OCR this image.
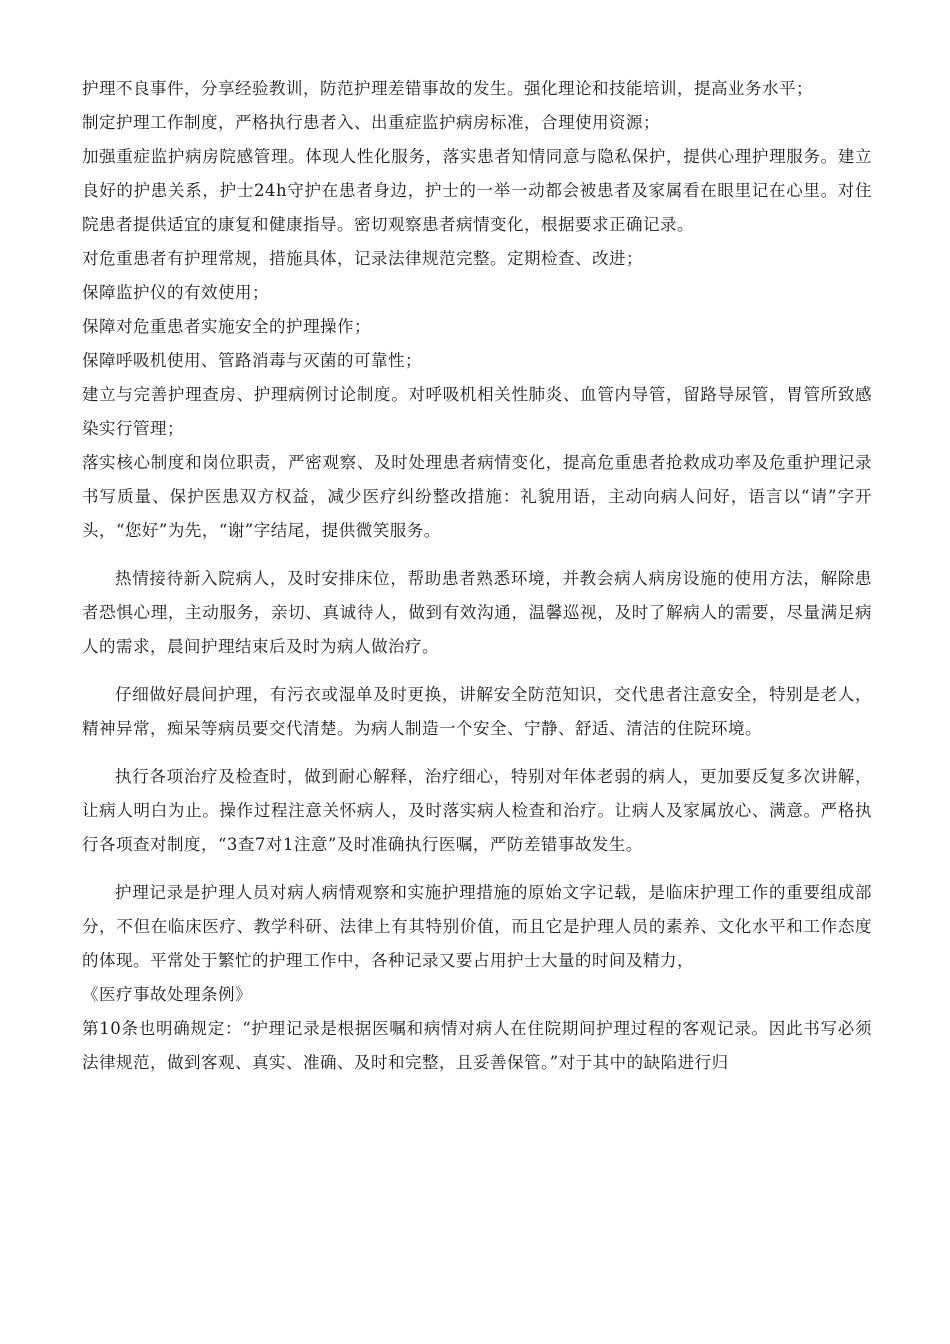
护理不良事件，分享经验教训，防范护理差错事故的发生。强化理论和技能培训，提高业务水平；

制定护理工作制度，严格执行患者入、出重症监护病房标准，合理使用资源；

加强重症监护病房院感管理。体现人性化服务，落实患者知情同意与隐私保护，提供心理护理服务。建立良好的护患关系，护士24h守护在患者身边，护士的一举一动都会被患者及家属看在眼里记在心里。对住院患者提供适宜的康复和健康指导。密切观察患者病情变化，根据要求正确记录。

对危重患者有护理常规，措施具体，记录法律规范完整。定期检查、改进；

保障监护仪的有效使用；

保障对危重患者实施安全的护理操作；

保障呼吸机使用、管路消毒与灭菌的可靠性；

建立与完善护理查房、护理病例讨论制度。对呼吸机相关性肺炎、血管内导管，留路导尿管，胃管所致感染实行管理；

落实核心制度和岗位职责，严密观察、及时处理患者病情变化，提高危重患者抢救成功率及危重护理记录书写质量、保护医患双方权益，减少医疗纠纷整改措施：礼貌用语，主动向病人问好，语言以“请”字开头，“您好”为先，“谢”字结尾，提供微笑服务。

热情接待新入院病人，及时安排床位，帮助患者熟悉环境，并教会病人病房设施的使用方法，解除患者恐惧心理，主动服务，亲切、真诚待人，做到有效沟通，温馨巡视，及时了解病人的需要，尽量满足病人的需求，晨间护理结束后及时为病人做治疗。

仔细做好晨间护理，有污衣或湿单及时更换，讲解安全防范知识，交代患者注意安全，特别是老人，精神异常，痴呆等病员要交代清楚。为病人制造一个安全、宁静、舒适、清洁的住院环境。

执行各项治疗及检查时，做到耐心解释，治疗细心，特别对年体老弱的病人，更加要反复多次讲解，让病人明白为止。操作过程注意关怀病人，及时落实病人检查和治疗。让病人及家属放心、满意。严格执行各项查对制度，“3查7对1注意”及时准确执行医嘱，严防差错事故发生。

护理记录是护理人员对病人病情观察和实施护理措施的原始文字记载，是临床护理工作的重要组成部分，不但在临床医疗、教学科研、法律上有其特别价值，而且它是护理人员的素养、文化水平和工作态度的体现。平常处于繁忙的护理工作中，各种记录又要占用护士大量的时间及精力，

《医疗事故处理条例》

第10条也明确规定：“护理记录是根据医嘱和病情对病人在住院期间护理过程的客观记录。因此书写必须法律规范，做到客观、真实、准确、及时和完整，且妥善保管。”对于其中的缺陷进行归
